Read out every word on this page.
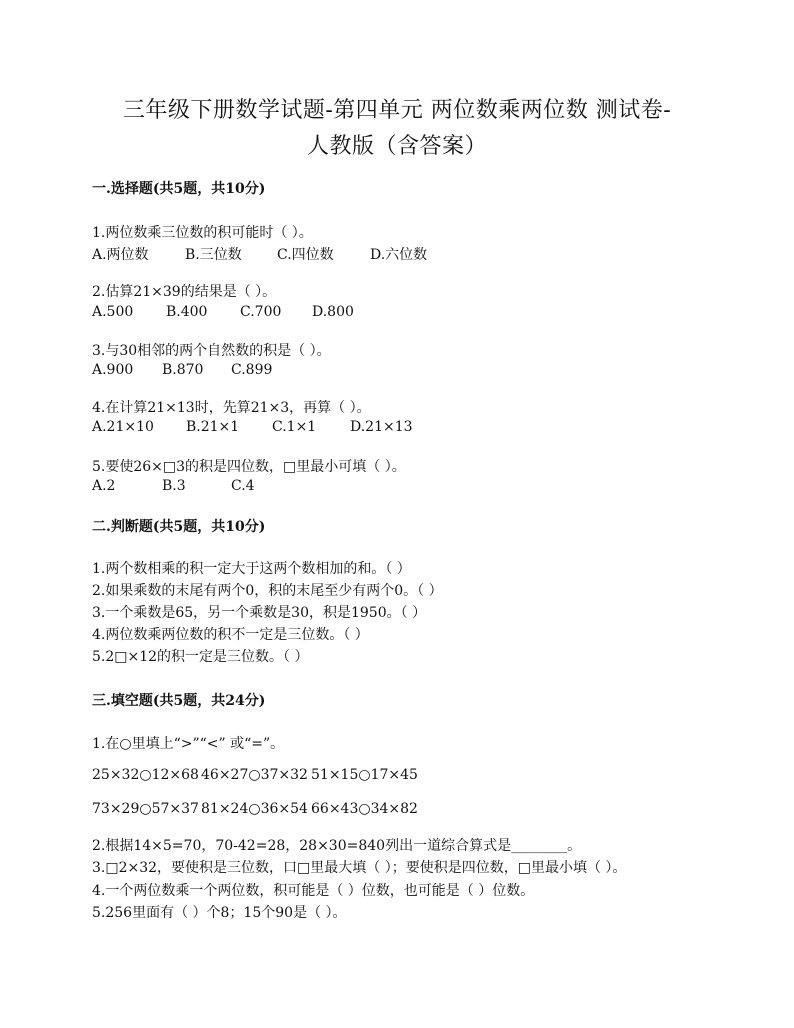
三年级下册数学试题-第四单元 两位数乘两位数 测试卷-
人教版（含答案）
一.选择题(共5题，共10分)
1.两位数乘三位数的积可能时（ ）。
A.两位数	B.三位数	C.四位数	D.六位数
2.估算21×39的结果是（ ）。
A.500 B.400 C.700 D.800
3.与30相邻的两个自然数的积是（ ）。
A.900 B.870 C.899
4.在计算21×13时，先算21×3，再算（ ）。
A.21×10 B.21×1 C.1×1 D.21×13
5.要使26×□3的积是四位数，□里最小可填（ ）。
A.2	B.3	C.4
二.判断题(共5题，共10分)
1.两个数相乘的积一定大于这两个数相加的和。（ ）
2.如果乘数的末尾有两个0，积的末尾至少有两个0。（ ）
3.一个乘数是65，另一个乘数是30，积是1950。（ ）
4.两位数乘两位数的积不一定是三位数。（ ）
5.2□×12的积一定是三位数。（ ）
三.填空题(共5题，共24分)
1.在○里填上“>”“<” 或“=”。
25×32○12×68 46×27○37×32 51×15○17×45
73×29○57×37 81×24○36×54 66×43○34×82
2.根据14×5=70，70-42=28，28×30=840列出一道综合算式是________。
3.□2×32，要使积是三位数，口□里最大填（ ）；要使积是四位数，□里最小填（ ）。
4.一个两位数乘一个两位数，积可能是（ ）位数，也可能是（ ）位数。
5.256里面有（ ）个8；15个90是（ ）。
